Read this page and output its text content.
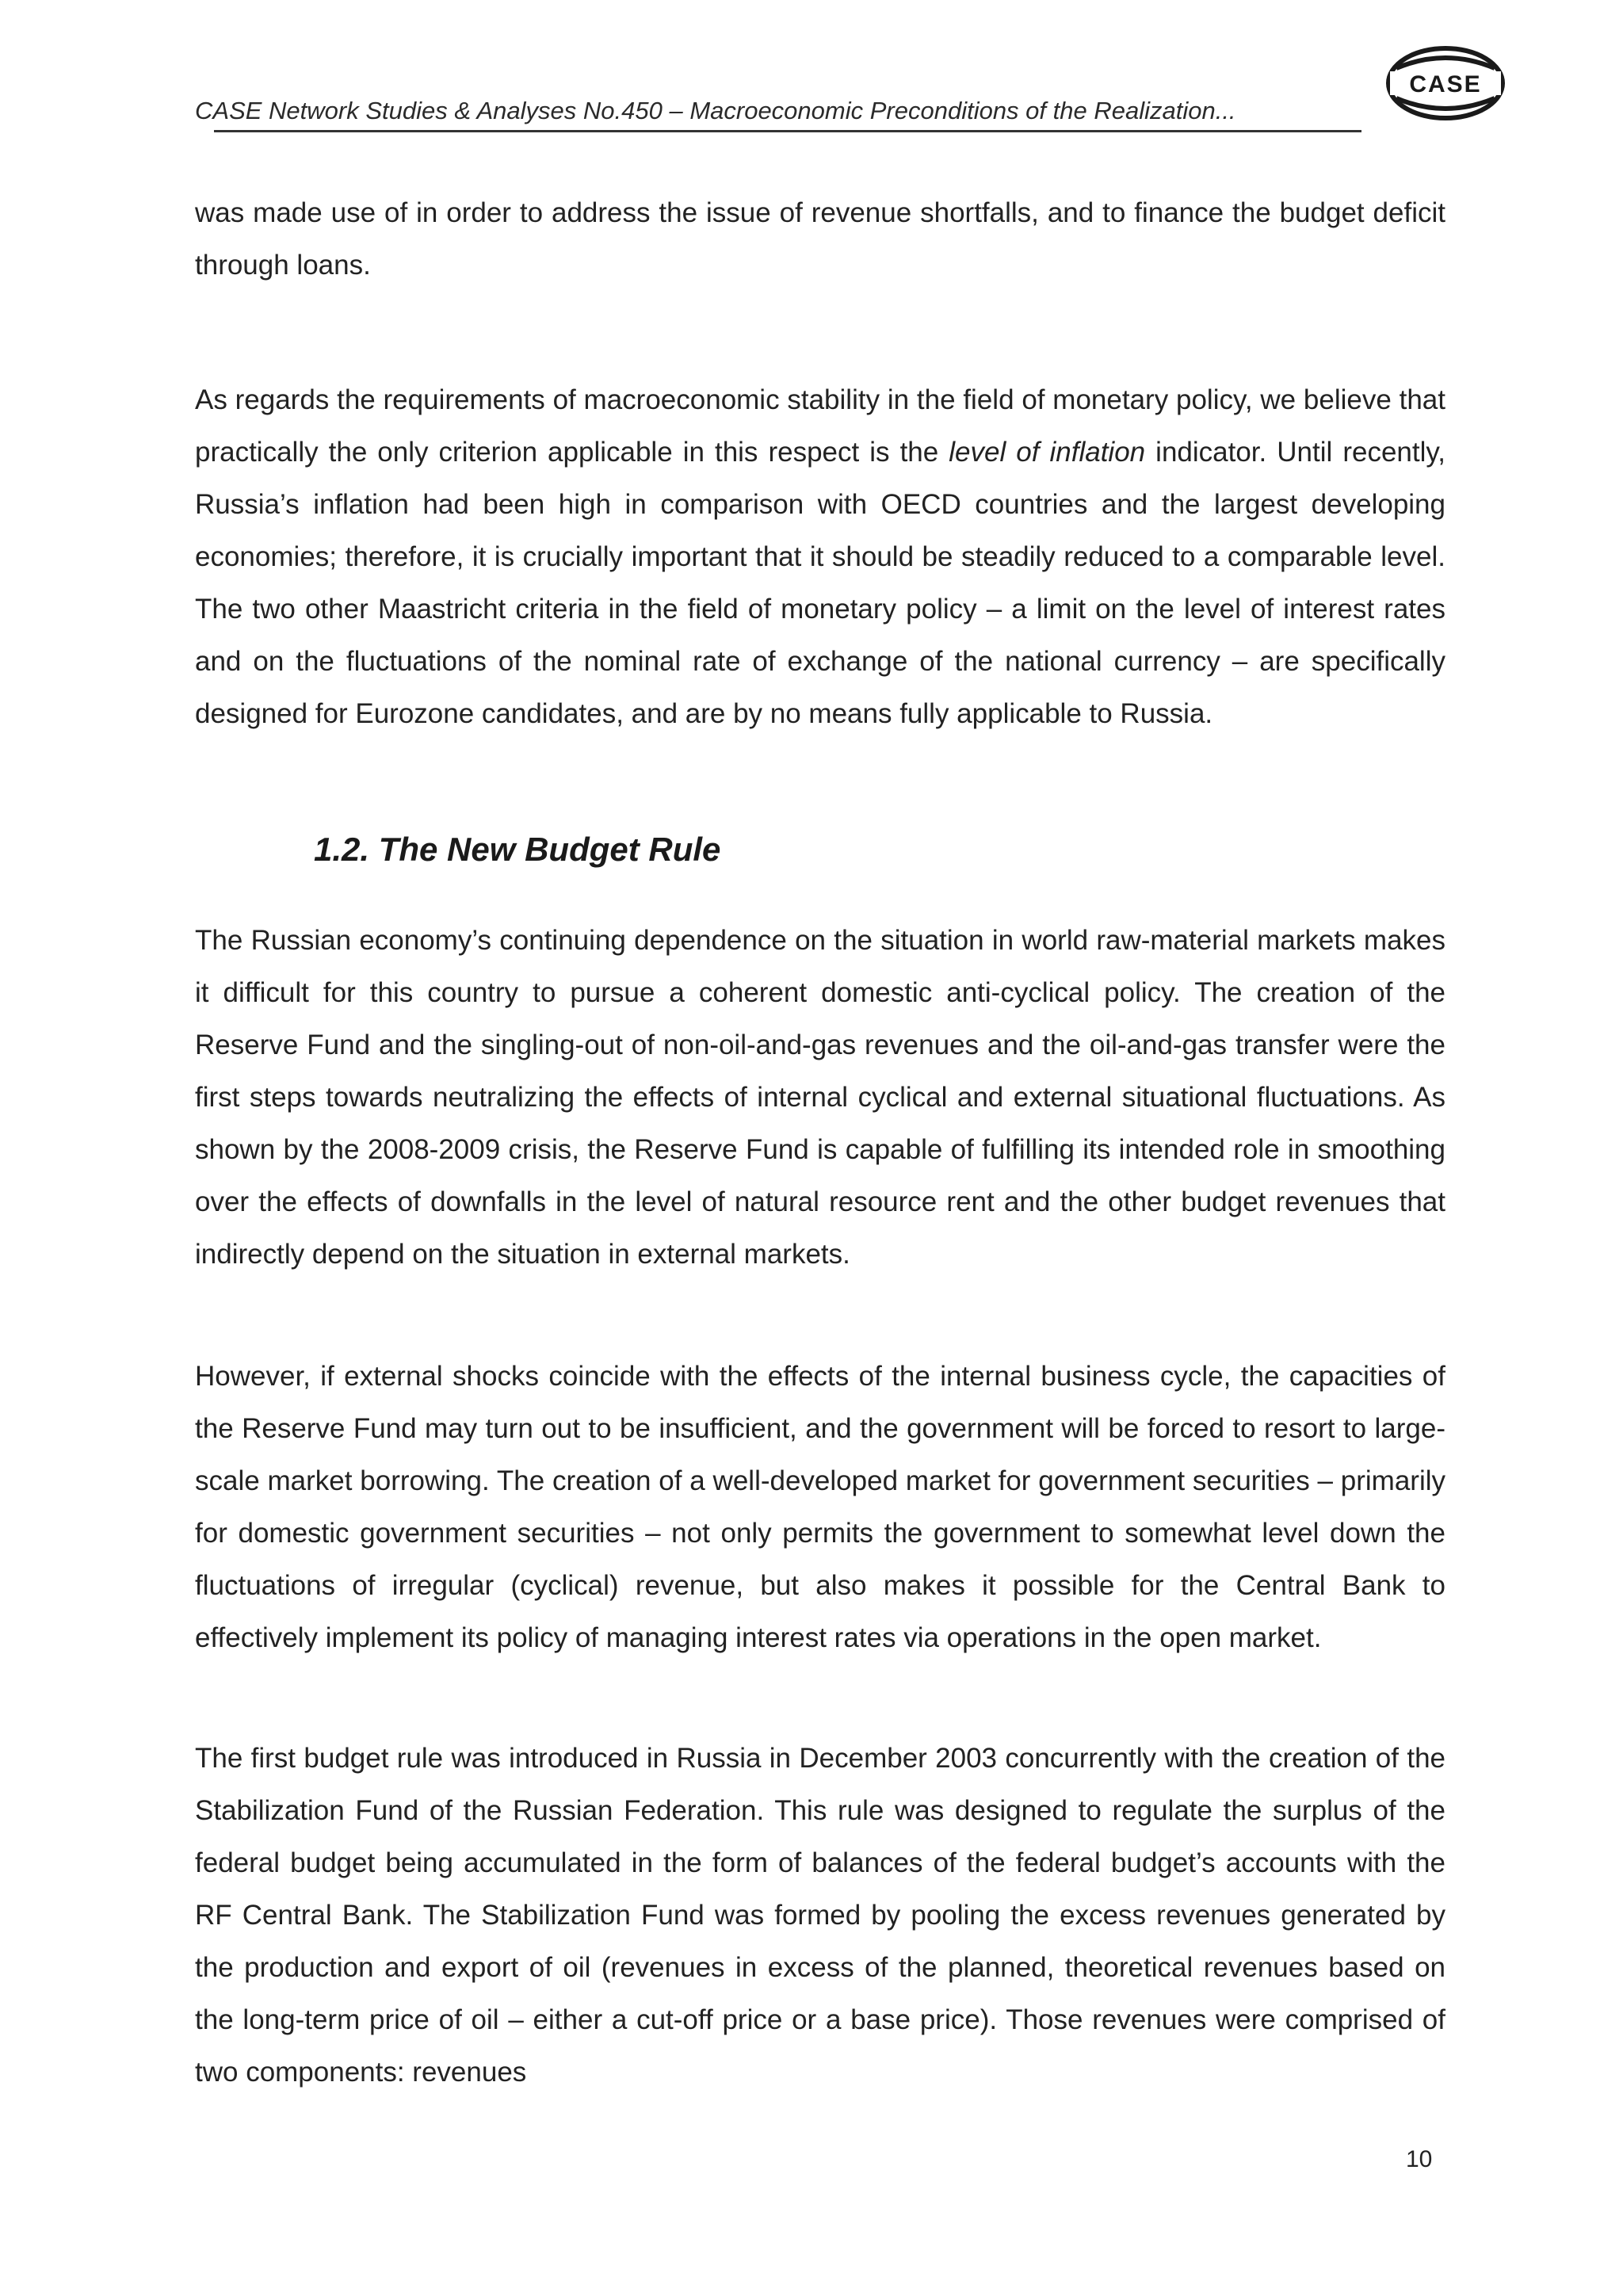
CASE Network Studies & Analyses No.450 – Macroeconomic Preconditions of the Realization...
CASE

was made use of in order to address the issue of revenue shortfalls, and to finance the budget deficit through loans.

As regards the requirements of macroeconomic stability in the field of monetary policy, we believe that practically the only criterion applicable in this respect is the level of inflation indicator. Until recently, Russia’s inflation had been high in comparison with OECD countries and the largest developing economies; therefore, it is crucially important that it should be steadily reduced to a comparable level. The two other Maastricht criteria in the field of monetary policy – a limit on the level of interest rates and on the fluctuations of the nominal rate of exchange of the national currency – are specifically designed for Eurozone candidates, and are by no means fully applicable to Russia.

1.2. The New Budget Rule

The Russian economy’s continuing dependence on the situation in world raw-material markets makes it difficult for this country to pursue a coherent domestic anti-cyclical policy. The creation of the Reserve Fund and the singling-out of non-oil-and-gas revenues and the oil-and-gas transfer were the first steps towards neutralizing the effects of internal cyclical and external situational fluctuations. As shown by the 2008-2009 crisis, the Reserve Fund is capable of fulfilling its intended role in smoothing over the effects of downfalls in the level of natural resource rent and the other budget revenues that indirectly depend on the situation in external markets.

However, if external shocks coincide with the effects of the internal business cycle, the capacities of the Reserve Fund may turn out to be insufficient, and the government will be forced to resort to large-scale market borrowing. The creation of a well-developed market for government securities – primarily for domestic government securities – not only permits the government to somewhat level down the fluctuations of irregular (cyclical) revenue, but also makes it possible for the Central Bank to effectively implement its policy of managing interest rates via operations in the open market.

The first budget rule was introduced in Russia in December 2003 concurrently with the creation of the Stabilization Fund of the Russian Federation. This rule was designed to regulate the surplus of the federal budget being accumulated in the form of balances of the federal budget’s accounts with the RF Central Bank. The Stabilization Fund was formed by pooling the excess revenues generated by the production and export of oil (revenues in excess of the planned, theoretical revenues based on the long-term price of oil – either a cut-off price or a base price). Those revenues were comprised of two components: revenues

10
